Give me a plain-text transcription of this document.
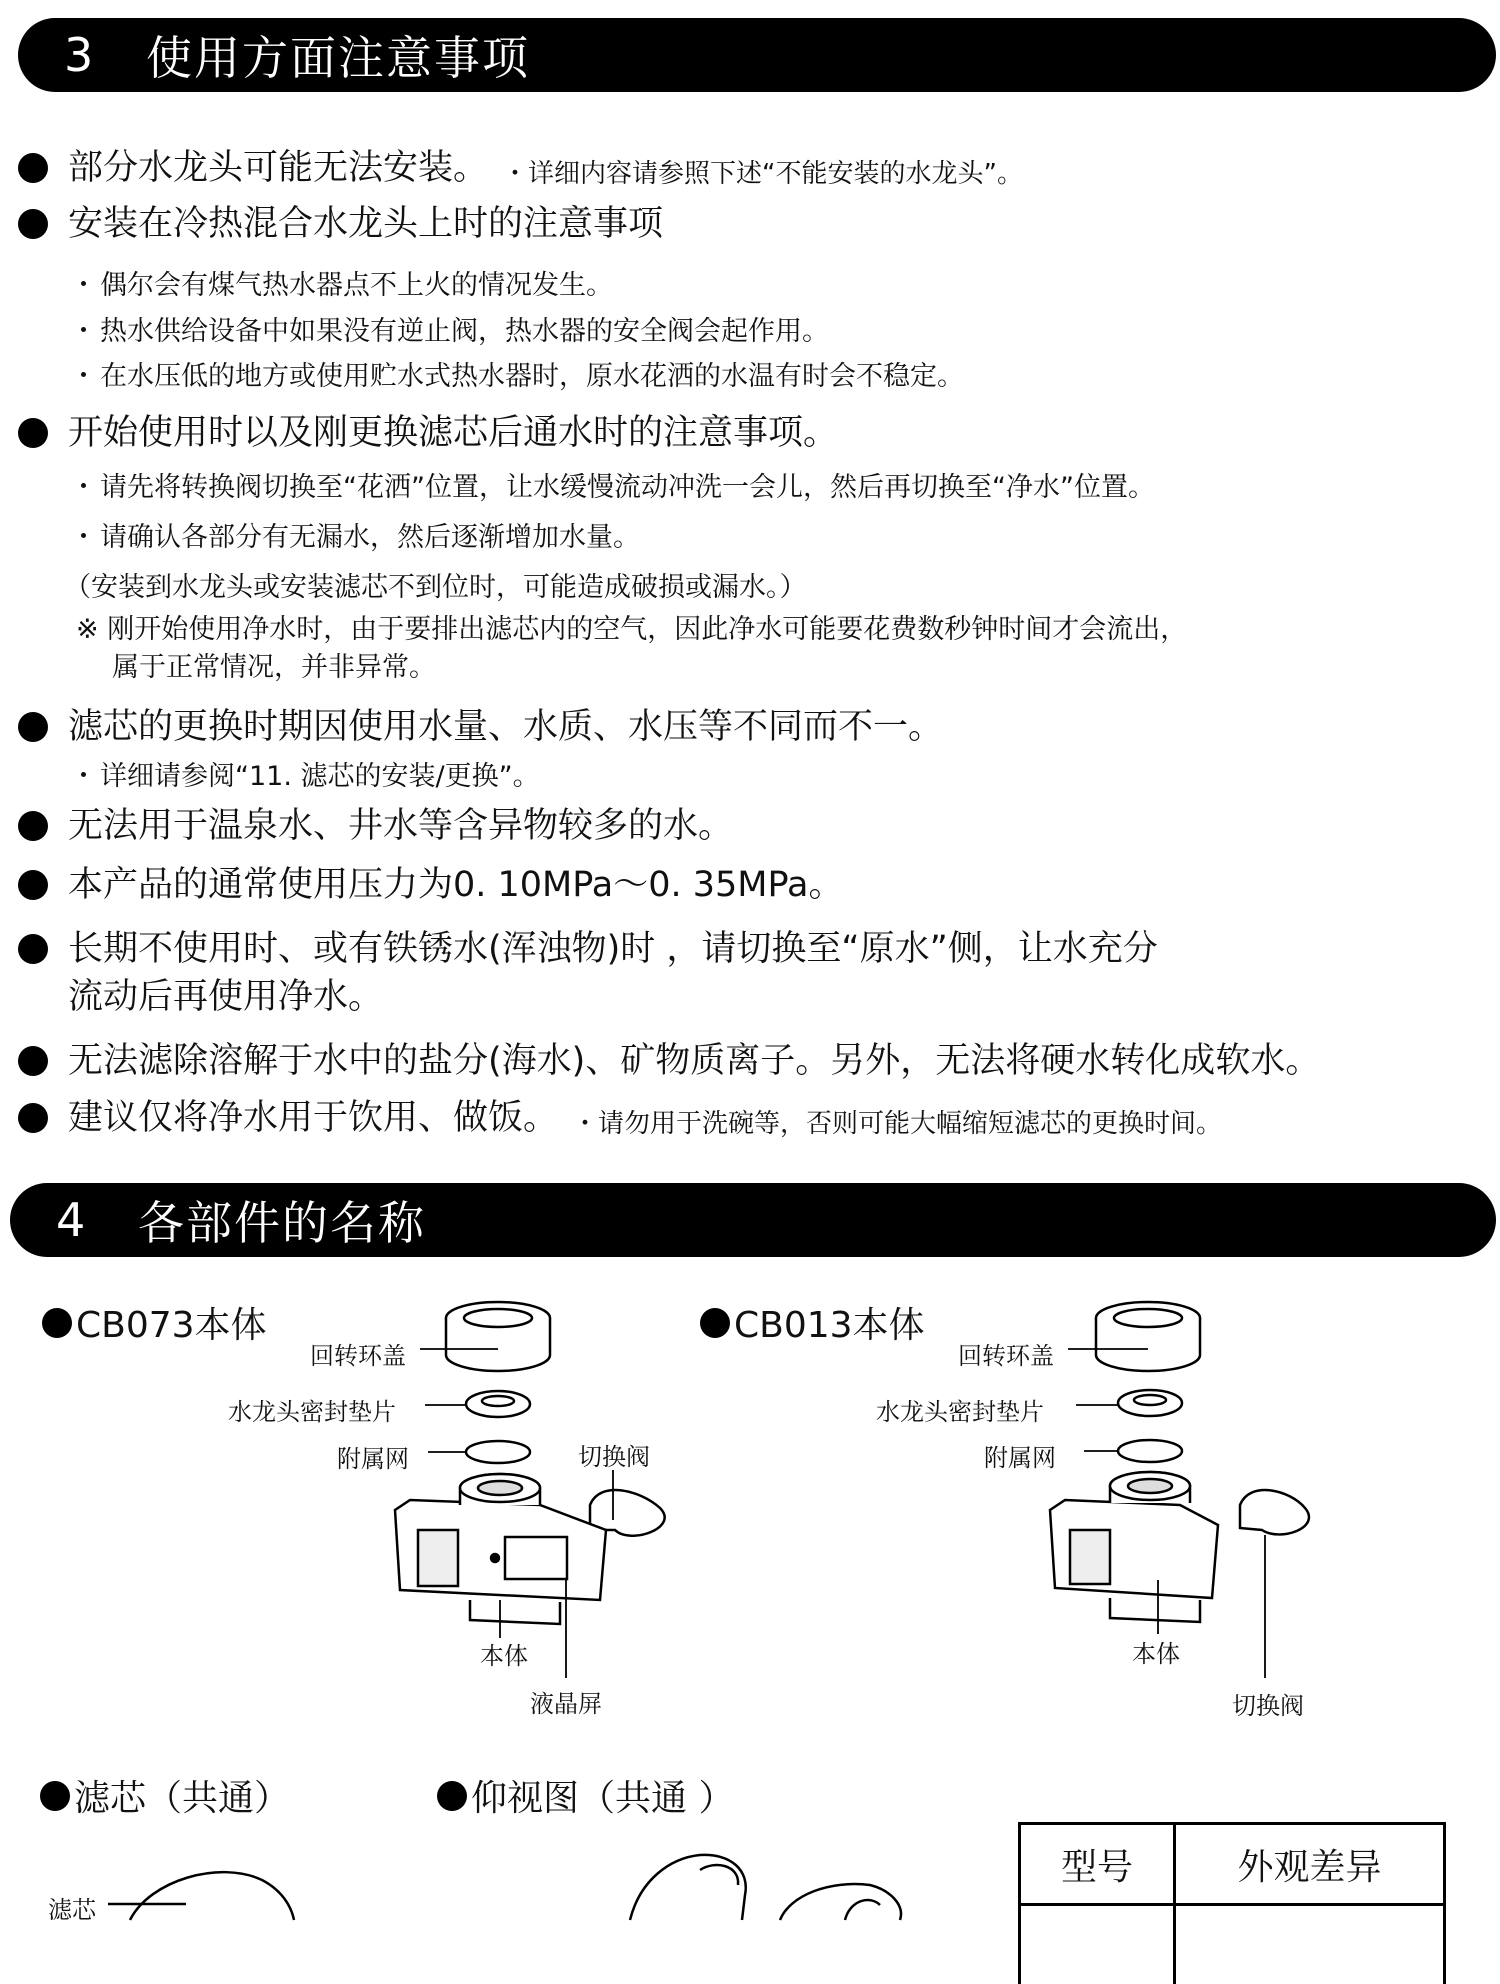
3	使用方面注意事项
部分水龙头可能无法安装。 ・详细内容请参照下述“不能安装的水龙头”。
安装在冷热混合水龙头上时的注意事项
・ 偶尔会有煤气热水器点不上火的情况发生。
・ 热水供给设备中如果没有逆止阀，热水器的安全阀会起作用。
・ 在水压低的地方或使用贮水式热水器时，原水花洒的水温有时会不稳定。
开始使用时以及刚更换滤芯后通水时的注意事项。
・ 请先将转换阀切换至“花洒”位置，让水缓慢流动冲洗一会儿，然后再切换至“净水”位置。
・ 请确认各部分有无漏水，然后逐渐增加水量。
（安装到水龙头或安装滤芯不到位时，可能造成破损或漏水。）
※ 刚开始使用净水时，由于要排出滤芯内的空气，因此净水可能要花费数秒钟时间才会流出，
属于正常情况，并非异常。
滤芯的更换时期因使用水量、水质、水压等不同而不一。
・ 详细请参阅“11. 滤芯的安装/更换”。
无法用于温泉水、井水等含异物较多的水。
本产品的通常使用压力为0. 10MPa～0. 35MPa。
长期不使用时、或有铁锈水(浑浊物)时 ，请切换至“原水”侧，让水充分
流动后再使用净水。
无法滤除溶解于水中的盐分(海水)、矿物质离子。另外，无法将硬水转化成软水。
建议仅将净水用于饮用、做饭。 ・请勿用于洗碗等，否则可能大幅缩短滤芯的更换时间。
4	各部件的名称
CB073本体
回转环盖
水龙头密封垫片
附属网	切换阀
本体
液晶屏
CB013本体
回转环盖
水龙头密封垫片
附属网
本体
切换阀
滤芯（共通）	仰视图（共通 ）
滤芯
型号	外观差异
